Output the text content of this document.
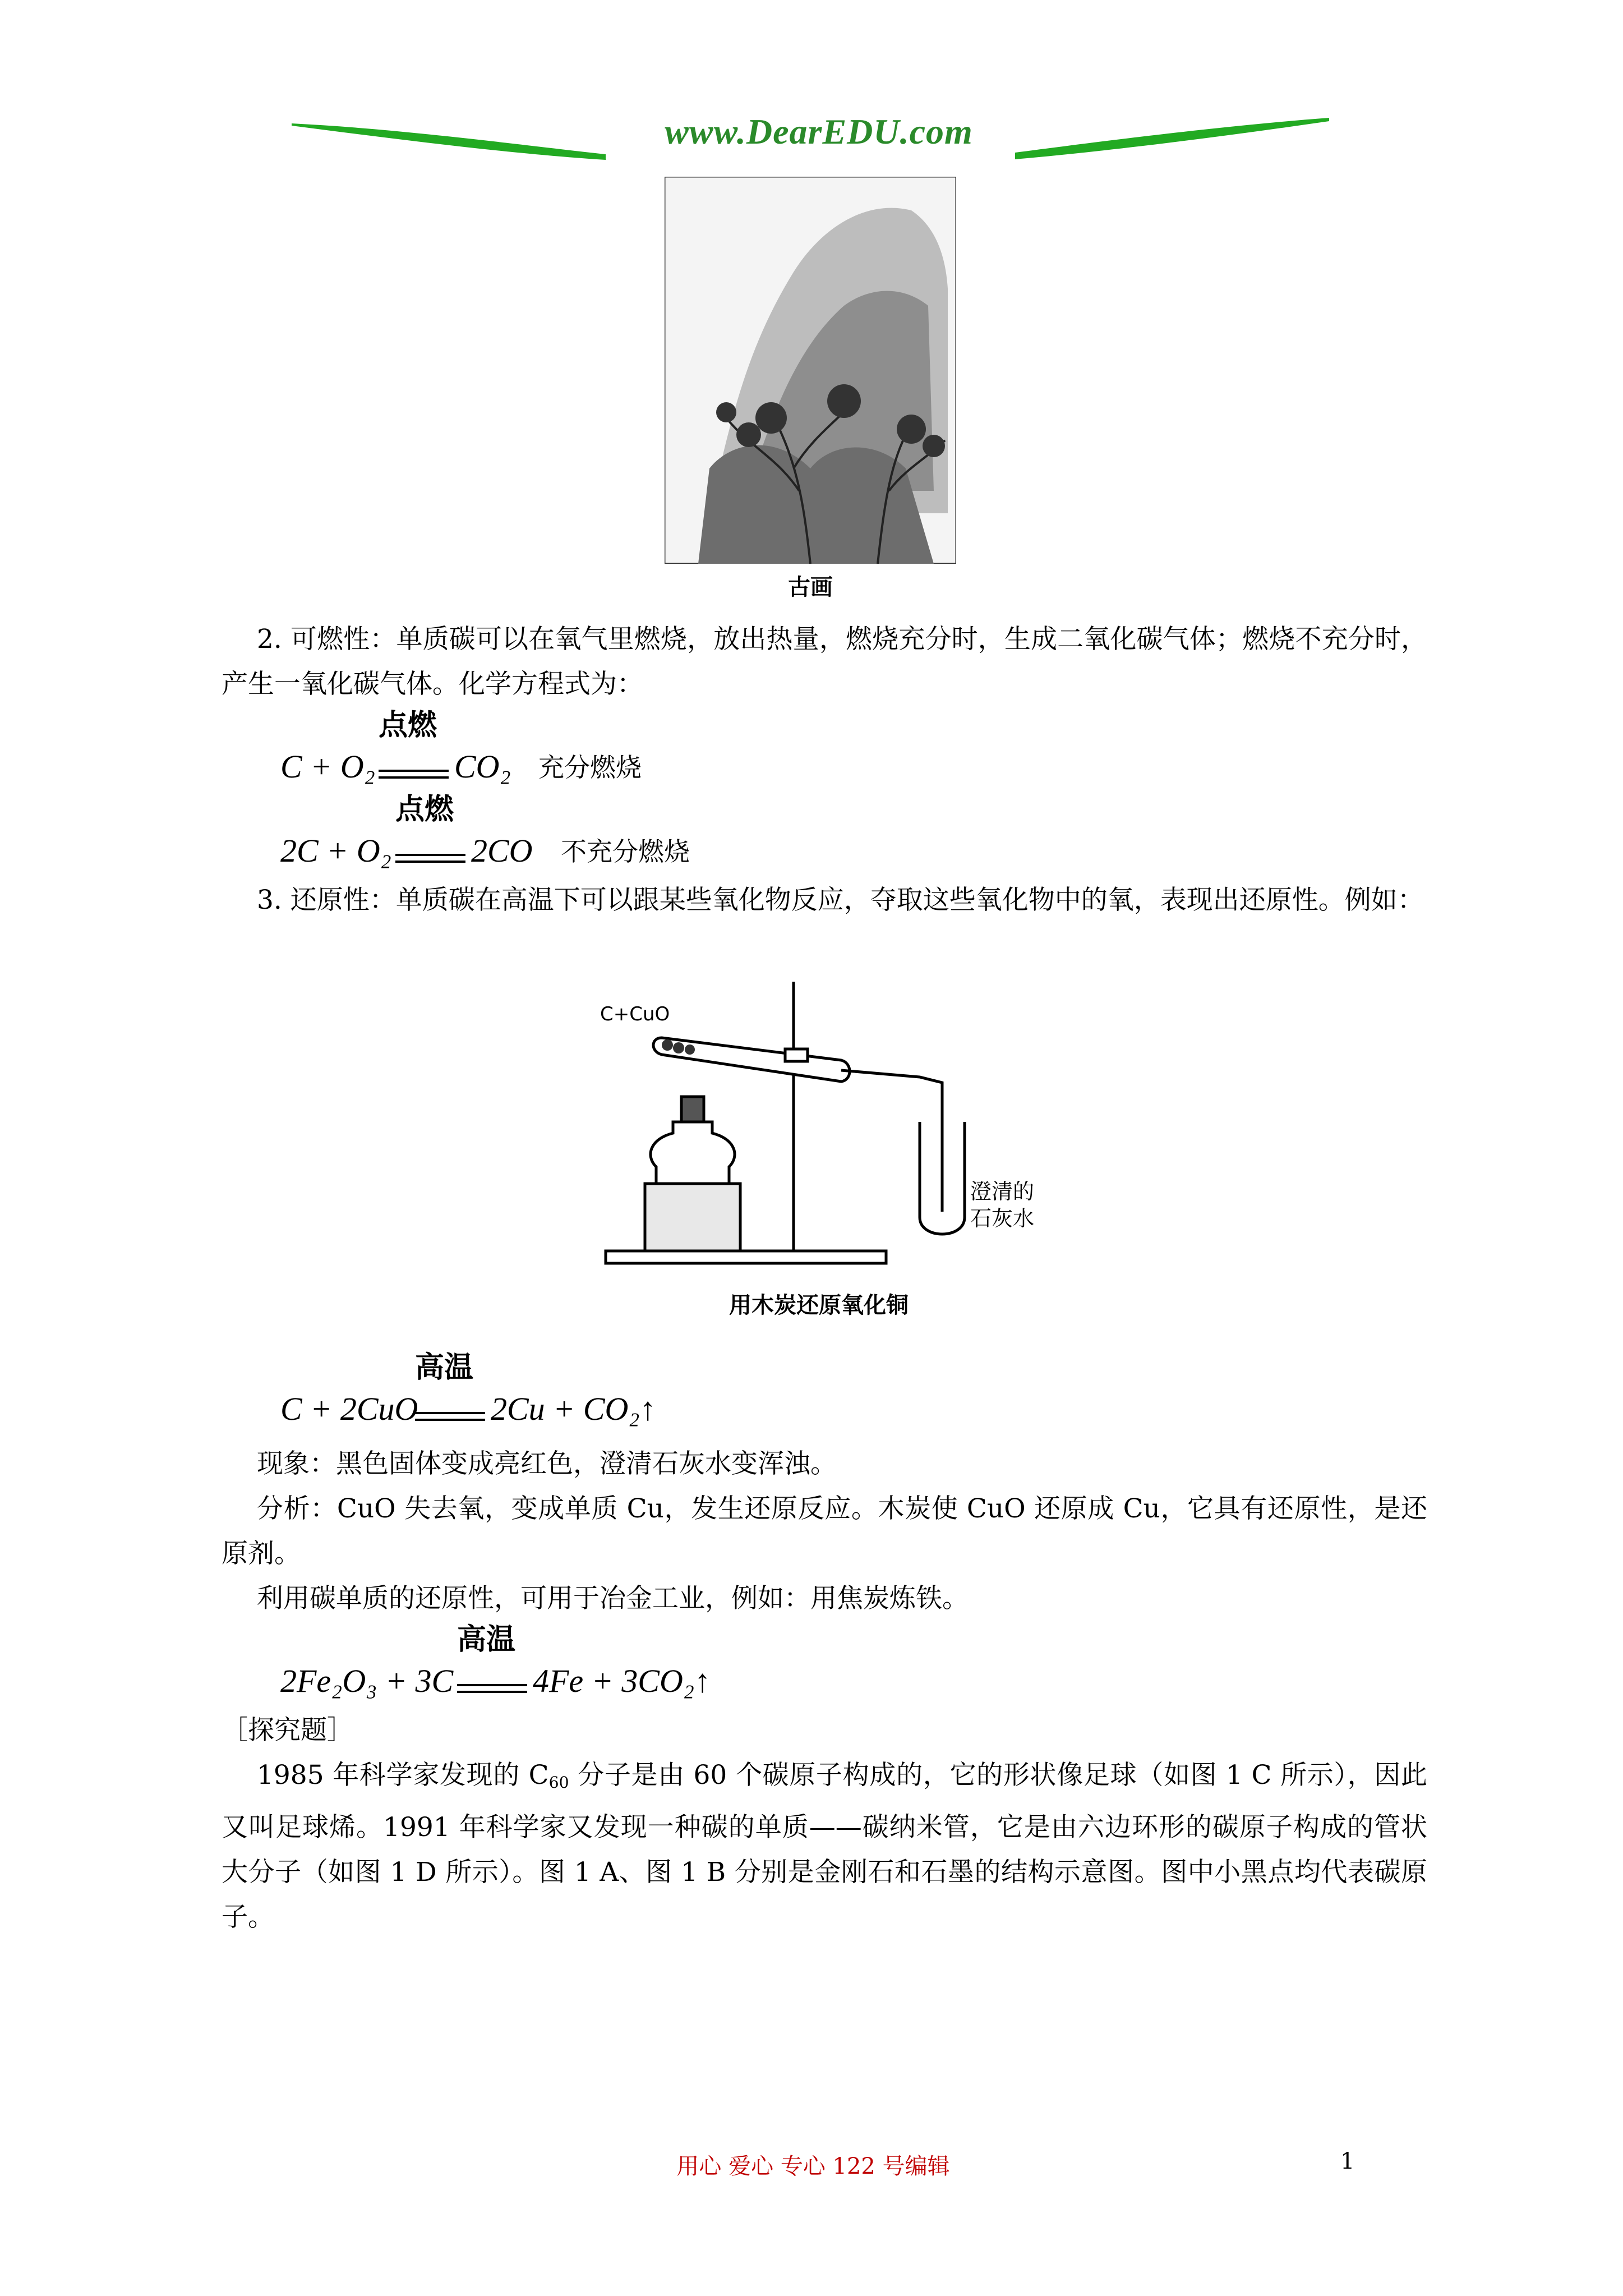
www.DearEDU.com
古画
2. 可燃性：单质碳可以在氧气里燃烧，放出热量，燃烧充分时，生成二氧化碳气体；燃烧不充分时，产生一氧化碳气体。化学方程式为：
C + O₂
点燃
CO₂ 充分燃烧
2C + O₂
点燃
2CO 不充分燃烧
3. 还原性：单质碳在高温下可以跟某些氧化物反应，夺取这些氧化物中的氧，表现出还原性。例如：
C+CuO
澄清的
石灰水
用木炭还原氧化铜
C + 2CuO
高温
2Cu + CO₂↑
现象：黑色固体变成亮红色，澄清石灰水变浑浊。
分析：CuO 失去氧，变成单质 Cu，发生还原反应。木炭使 CuO 还原成 Cu，它具有还原性，是还原剂。
利用碳单质的还原性，可用于冶金工业，例如：用焦炭炼铁。
2Fe₂O₃ + 3C
高温
4Fe + 3CO₂↑
［探究题］
1985 年科学家发现的 $C_{60}$ 分子是由 60 个碳原子构成的，它的形状像足球（如图 1 C 所示），因此又叫足球烯。1991 年科学家又发现一种碳的单质——碳纳米管，它是由六边环形的碳原子构成的管状大分子（如图 1 D 所示）。图 1 A、图 1 B 分别是金刚石和石墨的结构示意图。图中小黑点均代表碳原子。
用心 爱心 专心 122 号编辑	1
